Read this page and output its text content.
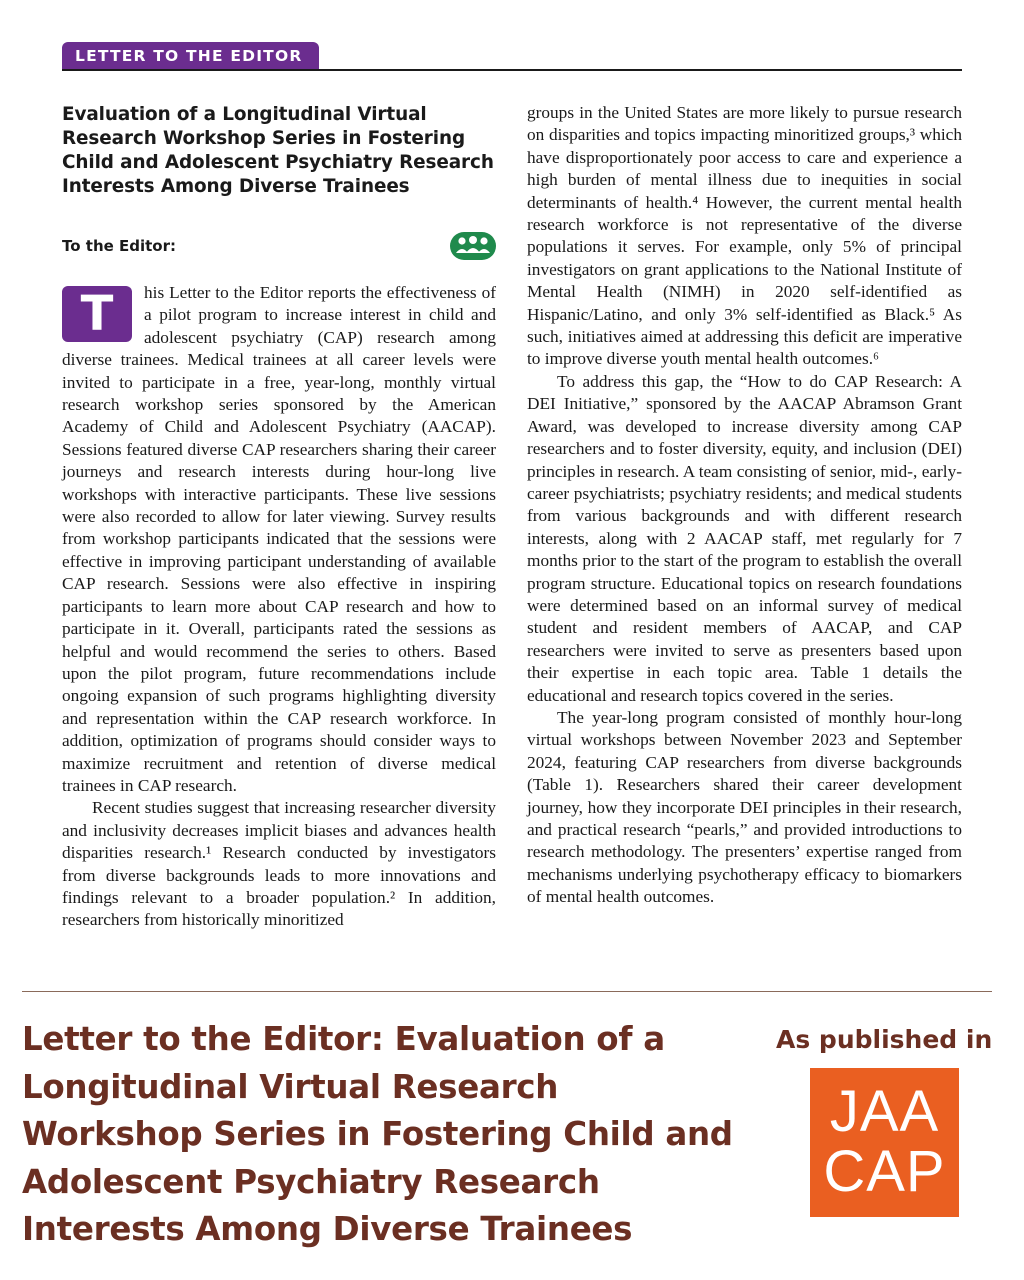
LETTER TO THE EDITOR
Evaluation of a Longitudinal Virtual Research Workshop Series in Fostering Child and Adolescent Psychiatry Research Interests Among Diverse Trainees
To the Editor:

T	his Letter to the Editor reports the effectiveness of a pilot program to increase interest in child and adolescent psychiatry (CAP) research among diverse trainees. Medical trainees at all career levels were invited to participate in a free, year-long, monthly virtual research workshop series sponsored by the American Academy of Child and Adolescent Psychiatry (AACAP). Sessions featured diverse CAP researchers sharing their career journeys and research interests during hour-long live workshops with interactive participants. These live sessions were also recorded to allow for later viewing. Survey results from workshop participants indicated that the sessions were effective in improving participant understanding of available CAP research. Sessions were also effective in inspiring participants to learn more about CAP research and how to participate in it. Overall, participants rated the sessions as helpful and would recommend the series to others. Based upon the pilot program, future recommendations include ongoing expansion of such programs highlighting diversity and representation within the CAP research workforce. In addition, optimization of programs should consider ways to maximize recruitment and retention of diverse medical trainees in CAP research.

Recent studies suggest that increasing researcher diversity and inclusivity decreases implicit biases and advances health disparities research.¹ Research conducted by investigators from diverse backgrounds leads to more innovations and findings relevant to a broader population.² In addition, researchers from historically minoritized

groups in the United States are more likely to pursue research on disparities and topics impacting minoritized groups,³ which have disproportionately poor access to care and experience a high burden of mental illness due to inequities in social determinants of health.⁴ However, the current mental health research workforce is not representative of the diverse populations it serves. For example, only 5% of principal investigators on grant applications to the National Institute of Mental Health (NIMH) in 2020 self-identified as Hispanic/Latino, and only 3% self-identified as Black.⁵ As such, initiatives aimed at addressing this deficit are imperative to improve diverse youth mental health outcomes.⁶

To address this gap, the “How to do CAP Research: A DEI Initiative,” sponsored by the AACAP Abramson Grant Award, was developed to increase diversity among CAP researchers and to foster diversity, equity, and inclusion (DEI) principles in research. A team consisting of senior, mid-, early-career psychiatrists; psychiatry residents; and medical students from various backgrounds and with different research interests, along with 2 AACAP staff, met regularly for 7 months prior to the start of the program to establish the overall program structure. Educational topics on research foundations were determined based on an informal survey of medical student and resident members of AACAP, and CAP researchers were invited to serve as presenters based upon their expertise in each topic area. Table 1 details the educational and research topics covered in the series.

The year-long program consisted of monthly hour-long virtual workshops between November 2023 and September 2024, featuring CAP researchers from diverse backgrounds (Table 1). Researchers shared their career development journey, how they incorporate DEI principles in their research, and practical research “pearls,” and provided introductions to research methodology. The presenters’ expertise ranged from mechanisms underlying psychotherapy efficacy to biomarkers of mental health outcomes.

Letter to the Editor: Evaluation of a Longitudinal Virtual Research Workshop Series in Fostering Child and Adolescent Psychiatry Research Interests Among Diverse Trainees
As published in
JAA
CAP
